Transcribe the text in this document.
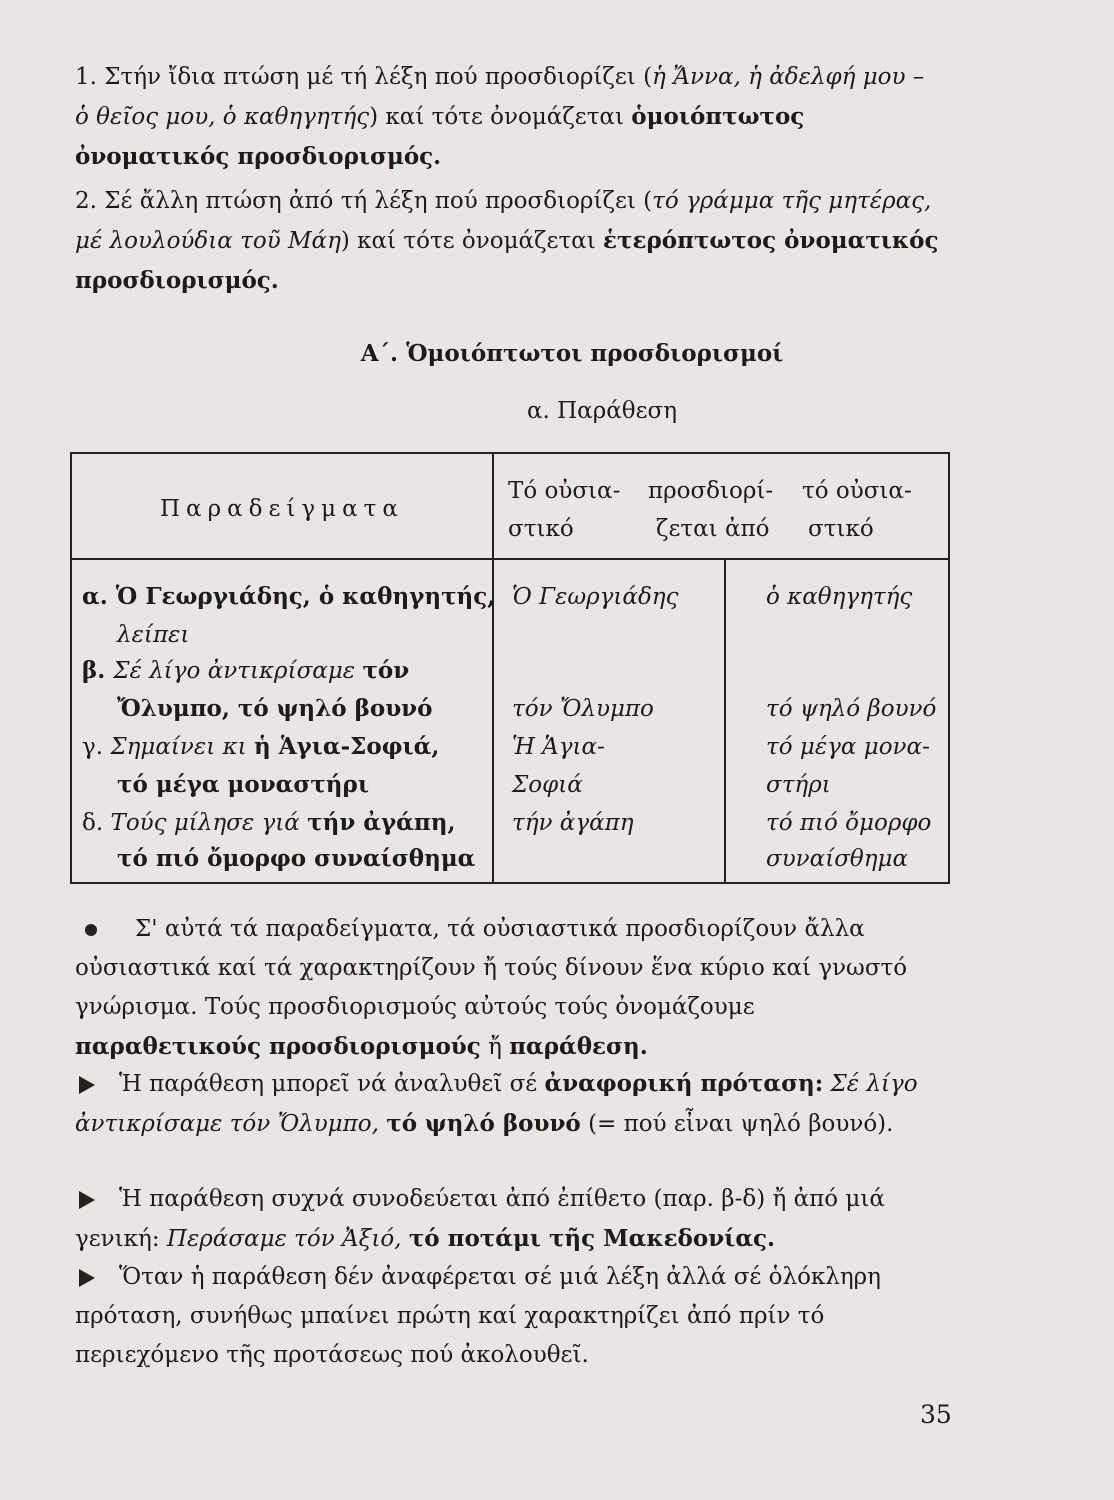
1. Στήν ἴδια πτώση μέ τή λέξη πού προσδιορίζει (ἡ Ἄννα, ἡ ἀδελφή μου – ὁ θεῖος μου, ὁ καθηγητής) καί τότε ὀνομάζεται ὁμοιόπτωτος ὀνοματικός προσδιορισμός.

2. Σέ ἄλλη πτώση ἀπό τή λέξη πού προσδιορίζει (τό γράμμα τῆς μητέρας, μέ λουλούδια τοῦ Μάη) καί τότε ὀνομάζεται ἑτερόπτωτος ὀνοματικός προσδιορισμός.

Α΄. Ὁμοιόπτωτοι προσδιορισμοί

α. Παράθεση

Παραδείγματα
Τό οὐσια-
στικό
προσδιορί-
ζεται ἀπό
τό οὐσια-
στικό
α. Ὁ Γεωργιάδης, ὁ καθηγητής,
λείπει
β. Σέ λίγο ἀντικρίσαμε τόν
Ὄλυμπο, τό ψηλό βουνό
γ. Σημαίνει κι ἡ Ἁγια-Σοφιά,
τό μέγα μοναστήρι
δ. Τούς μίλησε γιά τήν ἀγάπη,
τό πιό ὄμορφο συναίσθημα
Ὁ Γεωργιάδης
τόν Ὄλυμπο
Ἡ Ἁγια-
Σοφιά
τήν ἀγάπη
ὁ καθηγητής
τό ψηλό βουνό
τό μέγα μονα-
στήρι
τό πιό ὄμορφο
συναίσθημα

Σ' αὐτά τά παραδείγματα, τά οὐσιαστικά προσδιορίζουν ἄλλα οὐσιαστικά καί τά χαρακτηρίζουν ἤ τούς δίνουν ἕνα κύριο καί γνωστό γνώρισμα. Τούς προσδιορισμούς αὐτούς τούς ὀνομάζουμε παραθετικούς προσδιορισμούς ἤ παράθεση.

Ἡ παράθεση μπορεῖ νά ἀναλυθεῖ σέ ἀναφορική πρόταση: Σέ λίγο ἀντικρίσαμε τόν Ὄλυμπο, τό ψηλό βουνό (= πού εἶναι ψηλό βουνό).

Ἡ παράθεση συχνά συνοδεύεται ἀπό ἐπίθετο (παρ. β-δ) ἤ ἀπό μιά γενική: Περάσαμε τόν Ἀξιό, τό ποτάμι τῆς Μακεδονίας.

Ὅταν ἡ παράθεση δέν ἀναφέρεται σέ μιά λέξη ἀλλά σέ ὁλόκληρη πρόταση, συνήθως μπαίνει πρώτη καί χαρακτηρίζει ἀπό πρίν τό περιεχόμενο τῆς προτάσεως πού ἀκολουθεῖ.

35
